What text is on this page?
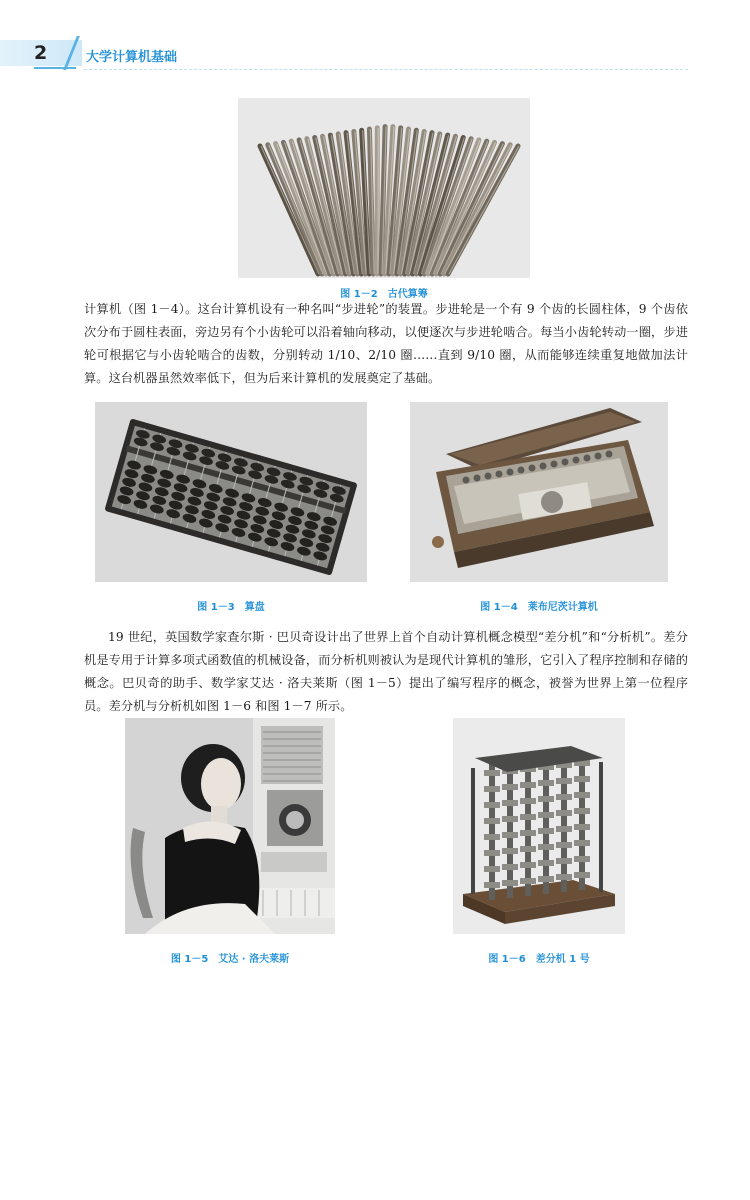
2	大学计算机基础
图 1－2　古代算筹

计算机（图 1－4）。这台计算机设有一种名叫“步进轮”的装置。步进轮是一个有 9 个齿的长圆柱体，9 个齿依次分布于圆柱表面，旁边另有个小齿轮可以沿着轴向移动，以便逐次与步进轮啮合。每当小齿轮转动一圈，步进轮可根据它与小齿轮啮合的齿数，分别转动 1/10、2/10 圈……直到 9/10 圈，从而能够连续重复地做加法计算。这台机器虽然效率低下，但为后来计算机的发展奠定了基础。

图 1－3　算盘	图 1－4　莱布尼茨计算机

19 世纪，英国数学家查尔斯 · 巴贝奇设计出了世界上首个自动计算机概念模型“差分机”和“分析机”。差分机是专用于计算多项式函数值的机械设备，而分析机则被认为是现代计算机的雏形，它引入了程序控制和存储的概念。巴贝奇的助手、数学家艾达 · 洛夫莱斯（图 1－5）提出了编写程序的概念，被誉为世界上第一位程序员。差分机与分析机如图 1－6 和图 1－7 所示。

图 1－5　艾达 · 洛夫莱斯	图 1－6　差分机 1 号
